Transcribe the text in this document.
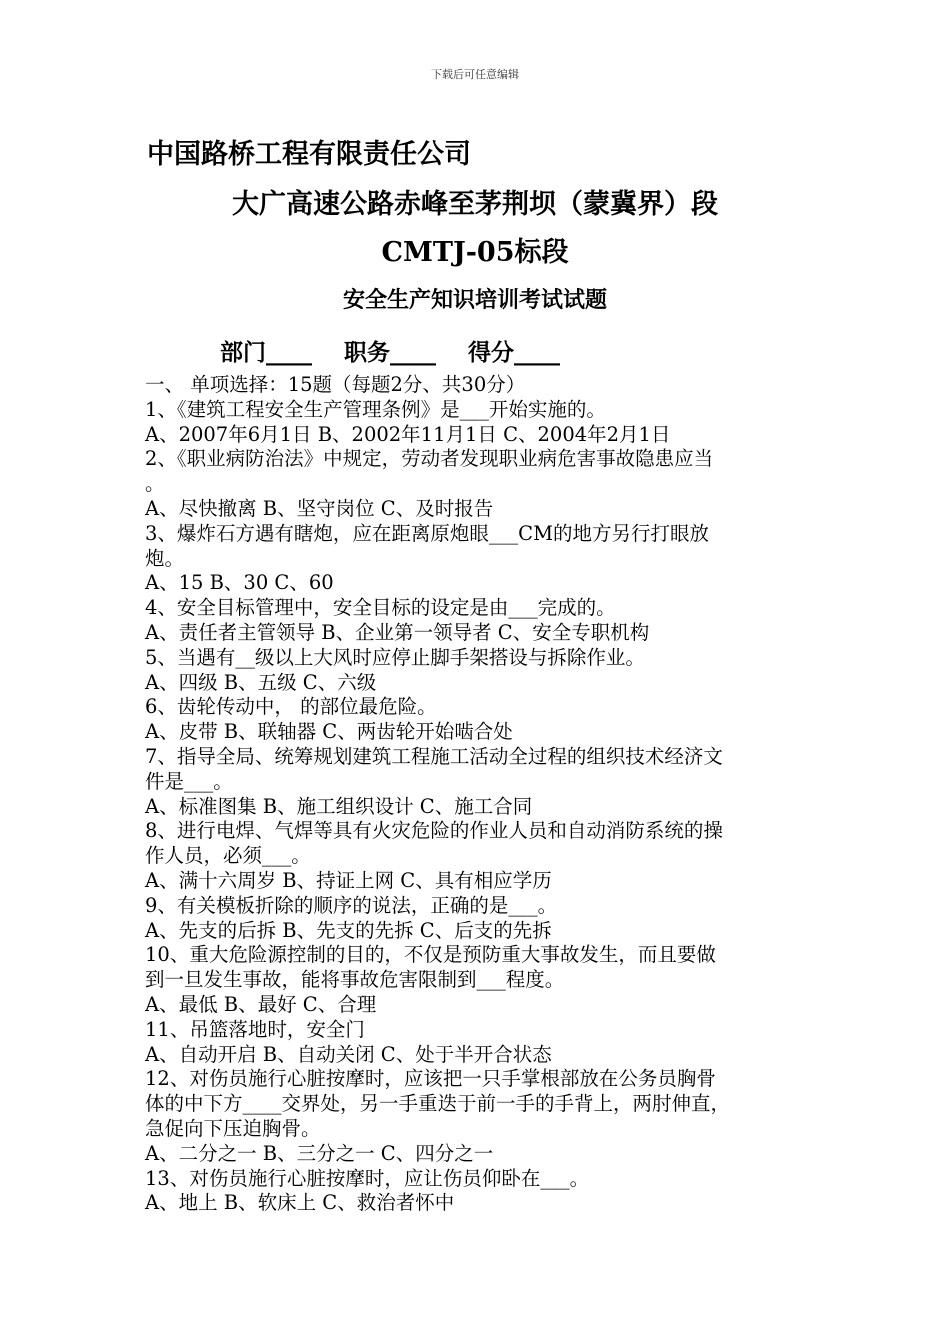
下载后可任意编辑
中国路桥工程有限责任公司
大广高速公路赤峰至茅荆坝（蒙冀界）段
CMTJ-05标段
安全生产知识培训考试试题
部门____ 职务____ 得分____
一、 单项选择：15题（每题2分、共30分）
1、《建筑工程安全生产管理条例》是___开始实施的。
A、2007年6月1日 B、2002年11月1日 C、2004年2月1日
2、《职业病防治法》中规定，劳动者发现职业病危害事故隐患应当
。
A、尽快撤离 B、坚守岗位 C、及时报告
3、爆炸石方遇有瞎炮，应在距离原炮眼___CM的地方另行打眼放
炮。
A、15 B、30 C、60
4、安全目标管理中，安全目标的设定是由___完成的。
A、责任者主管领导 B、企业第一领导者 C、安全专职机构
5、当遇有__级以上大风时应停止脚手架搭设与拆除作业。
A、四级 B、五级 C、六级
6、齿轮传动中， 的部位最危险。
A、皮带 B、联轴器 C、两齿轮开始啮合处
7、指导全局、统筹规划建筑工程施工活动全过程的组织技术经济文
件是___。
A、标准图集 B、施工组织设计 C、施工合同
8、进行电焊、气焊等具有火灾危险的作业人员和自动消防系统的操
作人员，必须___。
A、满十六周岁 B、持证上网 C、具有相应学历
9、有关模板折除的顺序的说法，正确的是___。
A、先支的后拆 B、先支的先拆 C、后支的先拆
10、重大危险源控制的目的，不仅是预防重大事故发生，而且要做
到一旦发生事故，能将事故危害限制到___程度。
A、最低 B、最好 C、合理
11、吊篮落地时，安全门
A、自动开启 B、自动关闭 C、处于半开合状态
12、对伤员施行心脏按摩时，应该把一只手掌根部放在公务员胸骨
体的中下方____交界处，另一手重迭于前一手的手背上，两肘伸直，
急促向下压迫胸骨。
A、二分之一 B、三分之一 C、四分之一
13、对伤员施行心脏按摩时，应让伤员仰卧在___。
A、地上 B、软床上 C、救治者怀中
